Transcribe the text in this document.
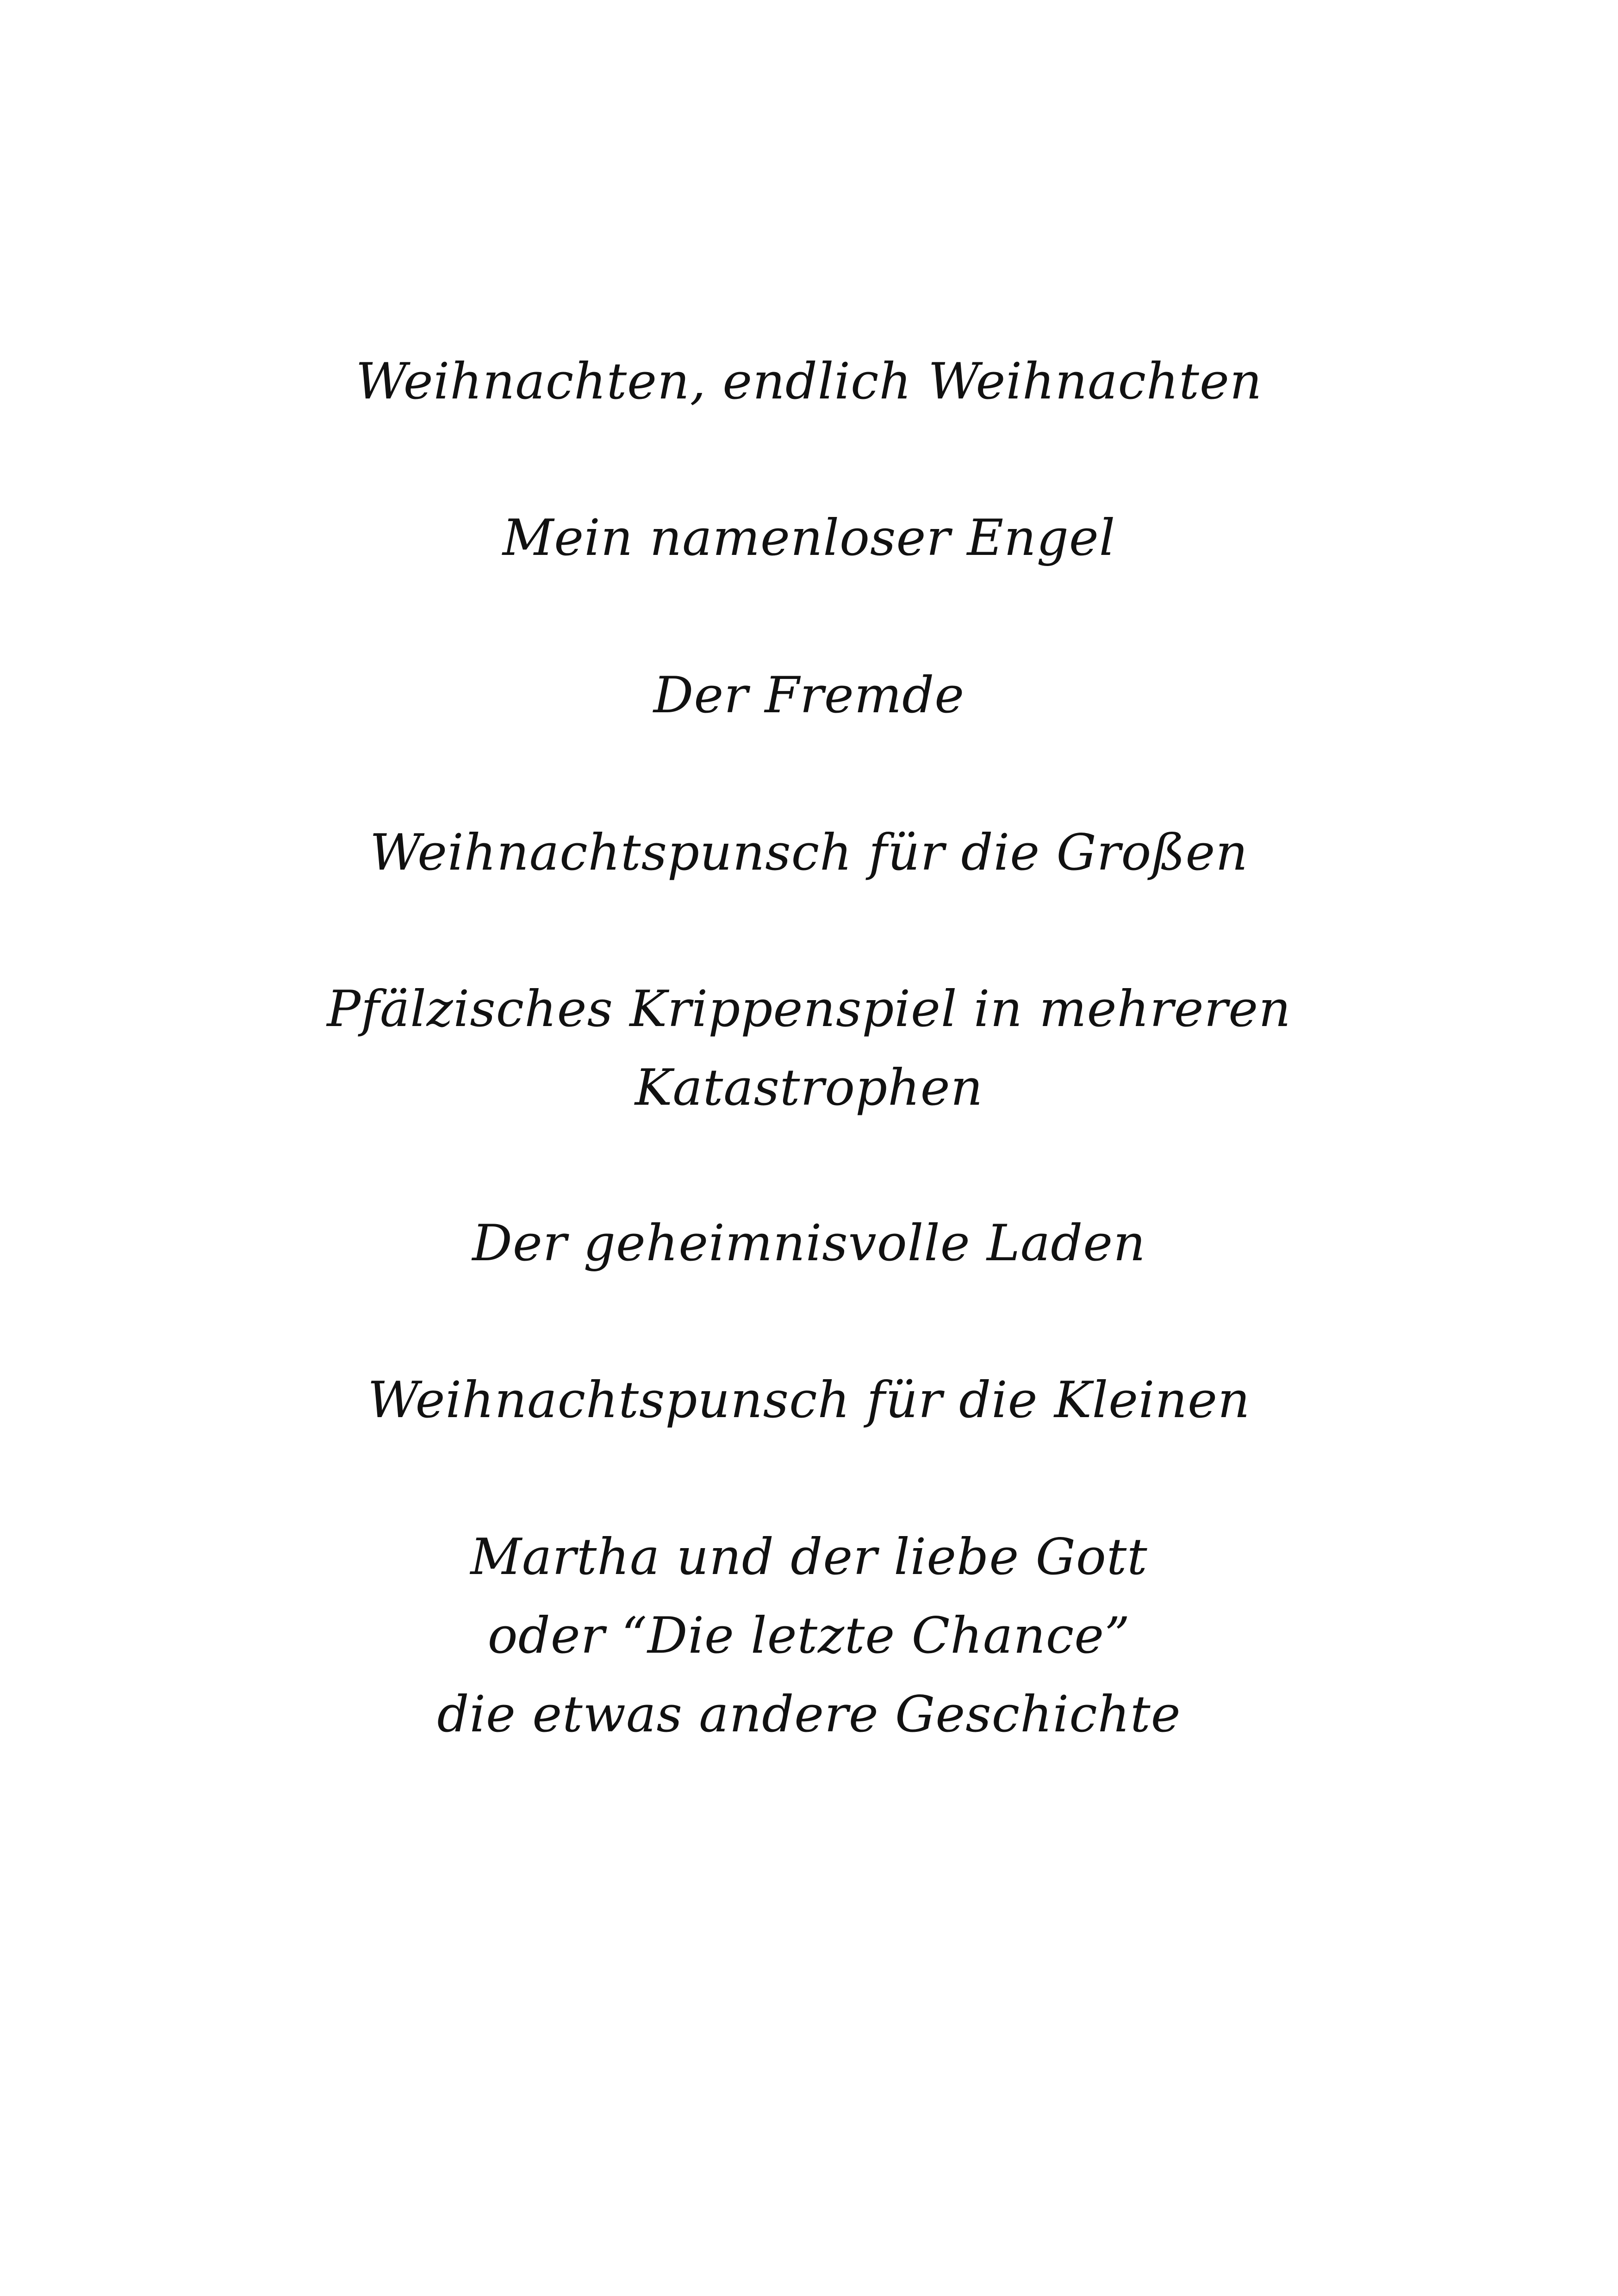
Weihnachten, endlich Weihnachten
Mein namenloser Engel
Der Fremde
Weihnachtspunsch für die Großen
Pfälzisches Krippenspiel in mehreren
Katastrophen
Der geheimnisvolle Laden
Weihnachtspunsch für die Kleinen
Martha und der liebe Gott
oder “Die letzte Chance”
die etwas andere Geschichte
